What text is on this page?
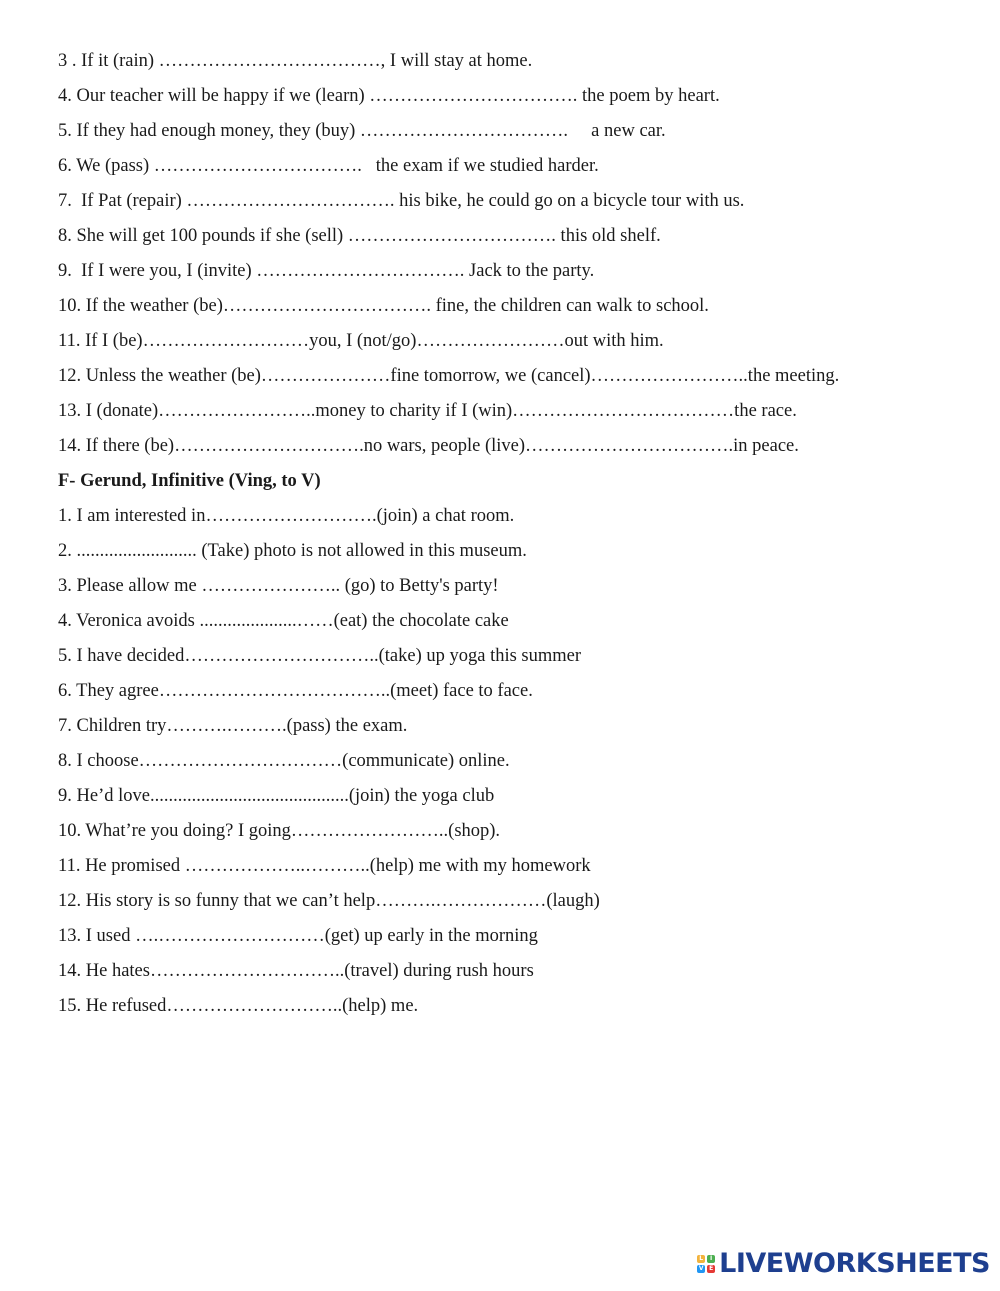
3 . If it (rain) ………………………………, I will stay at home.
4. Our teacher will be happy if we (learn) ……………………………. the poem by heart.
5. If they had enough money, they (buy) …………………………….     a new car.
6. We (pass) …………………………….   the exam if we studied harder.
7.  If Pat (repair) ……………………………. his bike, he could go on a bicycle tour with us.
8. She will get 100 pounds if she (sell) ……………………………. this old shelf.
9.  If I were you, I (invite) ……………………………. Jack to the party.
10. If the weather (be)……………………………. fine, the children can walk to school.
11. If I (be)………………………you, I (not/go)……………………out with him.
12. Unless the weather (be)…………………fine tomorrow, we (cancel)……………………..the meeting.
13. I (donate)……………………..money to charity if I (win)………………………………the race.
14. If there (be)………………………….no wars, people (live)…………………………….in peace.
F- Gerund, Infinitive (Ving, to V)
1. I am interested in……………………….(join) a chat room.
2. .......................... (Take) photo is not allowed in this museum.
3. Please allow me ………………….. (go) to Betty's party!
4. Veronica avoids .....................……(eat) the chocolate cake
5. I have decided…………………………..(take) up yoga this summer
6. They agree………………………………..(meet) face to face.
7. Children try……….……….(pass) the exam.
8. I choose……………………………(communicate) online.
9. He’d love...........................................(join) the yoga club
10. What’re you doing? I going……………………..(shop).
11. He promised ………………..………..(help) me with my homework
12. His story is so funny that we can’t help……….………………(laugh)
13. I used ….………………………(get) up early in the morning
14. He hates…………………………..(travel) during rush hours
15. He refused………………………..(help) me.
L	I
V E LIVEWORKSHEETS
